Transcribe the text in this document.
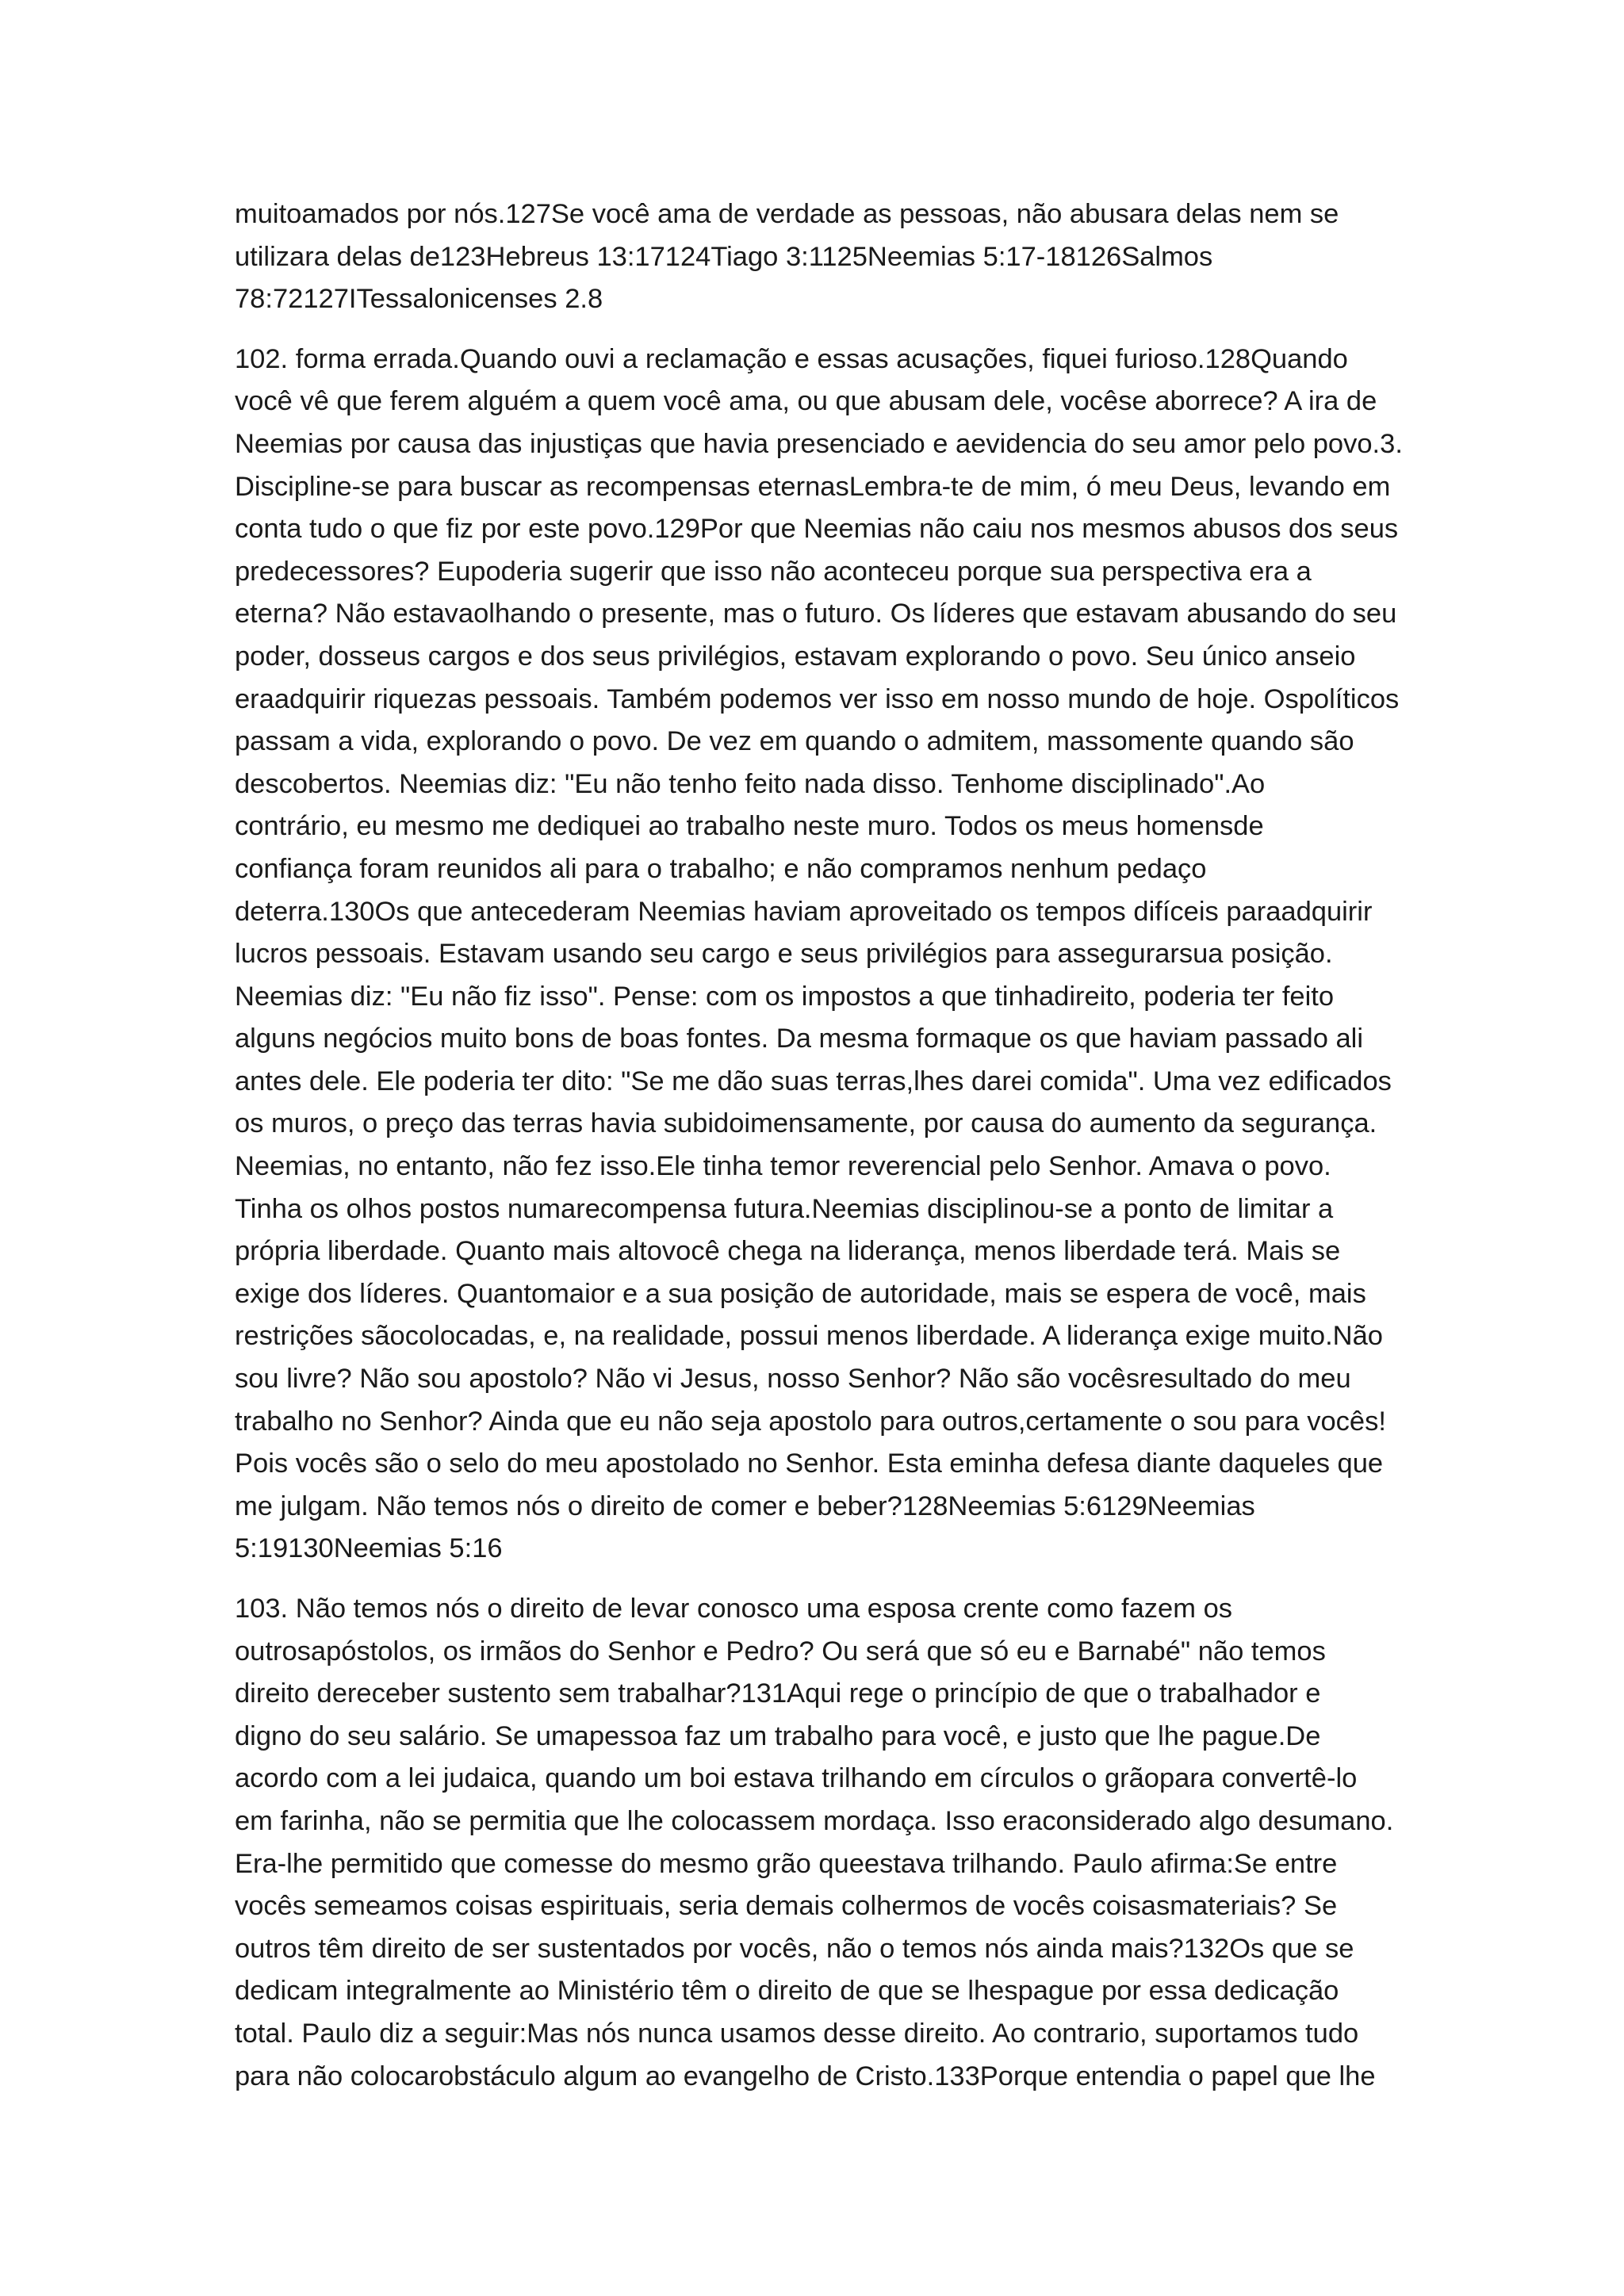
muitoamados por nós.127Se você ama de verdade as pessoas, não abusara delas nem se
utilizara delas de123Hebreus 13:17124Tiago 3:1125Neemias 5:17-18126Salmos
78:72127ITessalonicenses 2.8
102. forma errada.Quando ouvi a reclamação e essas acusações, fiquei furioso.128Quando
você vê que ferem alguém a quem você ama, ou que abusam dele, vocêse aborrece? A ira de
Neemias por causa das injustiças que havia presenciado e aevidencia do seu amor pelo povo.3.
Discipline-se para buscar as recompensas eternasLembra-te de mim, ó meu Deus, levando em
conta tudo o que fiz por este povo.129Por que Neemias não caiu nos mesmos abusos dos seus
predecessores? Eupoderia sugerir que isso não aconteceu porque sua perspectiva era a
eterna? Não estavaolhando o presente, mas o futuro. Os líderes que estavam abusando do seu
poder, dosseus cargos e dos seus privilégios, estavam explorando o povo. Seu único anseio
eraadquirir riquezas pessoais. Também podemos ver isso em nosso mundo de hoje. Ospolíticos
passam a vida, explorando o povo. De vez em quando o admitem, massomente quando são
descobertos. Neemias diz: "Eu não tenho feito nada disso. Tenhome disciplinado".Ao
contrário, eu mesmo me dediquei ao trabalho neste muro. Todos os meus homensde
confiança foram reunidos ali para o trabalho; e não compramos nenhum pedaço
deterra.130Os que antecederam Neemias haviam aproveitado os tempos difíceis paraadquirir
lucros pessoais. Estavam usando seu cargo e seus privilégios para assegurarsua posição.
Neemias diz: "Eu não fiz isso". Pense: com os impostos a que tinhadireito, poderia ter feito
alguns negócios muito bons de boas fontes. Da mesma formaque os que haviam passado ali
antes dele. Ele poderia ter dito: "Se me dão suas terras,lhes darei comida". Uma vez edificados
os muros, o preço das terras havia subidoimensamente, por causa do aumento da segurança.
Neemias, no entanto, não fez isso.Ele tinha temor reverencial pelo Senhor. Amava o povo.
Tinha os olhos postos numarecompensa futura.Neemias disciplinou-se a ponto de limitar a
própria liberdade. Quanto mais altovocê chega na liderança, menos liberdade terá. Mais se
exige dos líderes. Quantomaior e a sua posição de autoridade, mais se espera de você, mais
restrições sãocolocadas, e, na realidade, possui menos liberdade. A liderança exige muito.Não
sou livre? Não sou apostolo? Não vi Jesus, nosso Senhor? Não são vocêsresultado do meu
trabalho no Senhor? Ainda que eu não seja apostolo para outros,certamente o sou para vocês!
Pois vocês são o selo do meu apostolado no Senhor. Esta eminha defesa diante daqueles que
me julgam. Não temos nós o direito de comer e beber?128Neemias 5:6129Neemias
5:19130Neemias 5:16
103. Não temos nós o direito de levar conosco uma esposa crente como fazem os
outrosapóstolos, os irmãos do Senhor e Pedro? Ou será que só eu e Barnabé" não temos
direito dereceber sustento sem trabalhar?131Aqui rege o princípio de que o trabalhador e
digno do seu salário. Se umapessoa faz um trabalho para você, e justo que lhe pague.De
acordo com a lei judaica, quando um boi estava trilhando em círculos o grãopara convertê-lo
em farinha, não se permitia que lhe colocassem mordaça. Isso eraconsiderado algo desumano.
Era-lhe permitido que comesse do mesmo grão queestava trilhando. Paulo afirma:Se entre
vocês semeamos coisas espirituais, seria demais colhermos de vocês coisasmateriais? Se
outros têm direito de ser sustentados por vocês, não o temos nós ainda mais?132Os que se
dedicam integralmente ao Ministério têm o direito de que se lhespague por essa dedicação
total. Paulo diz a seguir:Mas nós nunca usamos desse direito. Ao contrario, suportamos tudo
para não colocarobstáculo algum ao evangelho de Cristo.133Porque entendia o papel que lhe
